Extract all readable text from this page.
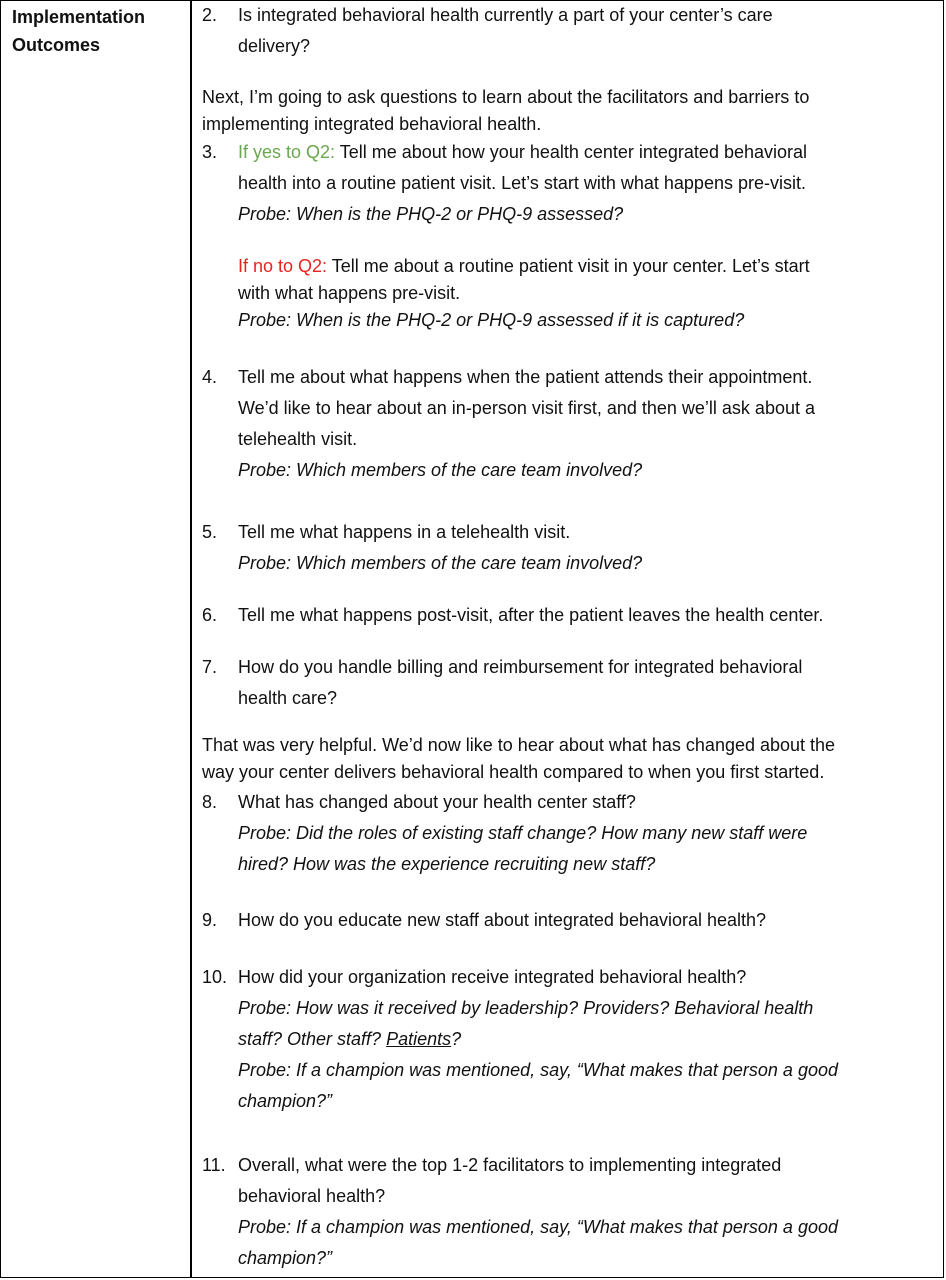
Implementation
Outcomes
2. Is integrated behavioral health currently a part of your center’s care
delivery?
Next, I’m going to ask questions to learn about the facilitators and barriers to
implementing integrated behavioral health.
3. If yes to Q2: Tell me about how your health center integrated behavioral
health into a routine patient visit. Let’s start with what happens pre-visit.
Probe: When is the PHQ-2 or PHQ-9 assessed?
If no to Q2: Tell me about a routine patient visit in your center. Let’s start
with what happens pre-visit.
Probe: When is the PHQ-2 or PHQ-9 assessed if it is captured?
4. Tell me about what happens when the patient attends their appointment.
We’d like to hear about an in-person visit first, and then we’ll ask about a
telehealth visit.
Probe: Which members of the care team involved?
5. Tell me what happens in a telehealth visit.
Probe: Which members of the care team involved?
6. Tell me what happens post-visit, after the patient leaves the health center.
7. How do you handle billing and reimbursement for integrated behavioral
health care?
That was very helpful. We’d now like to hear about what has changed about the
way your center delivers behavioral health compared to when you first started.
8. What has changed about your health center staff?
Probe: Did the roles of existing staff change? How many new staff were
hired? How was the experience recruiting new staff?
9. How do you educate new staff about integrated behavioral health?
10. How did your organization receive integrated behavioral health?
Probe: How was it received by leadership? Providers? Behavioral health
staff? Other staff? Patients?
Probe: If a champion was mentioned, say, “What makes that person a good
champion?”
11. Overall, what were the top 1-2 facilitators to implementing integrated
behavioral health?
Probe: If a champion was mentioned, say, “What makes that person a good
champion?”
